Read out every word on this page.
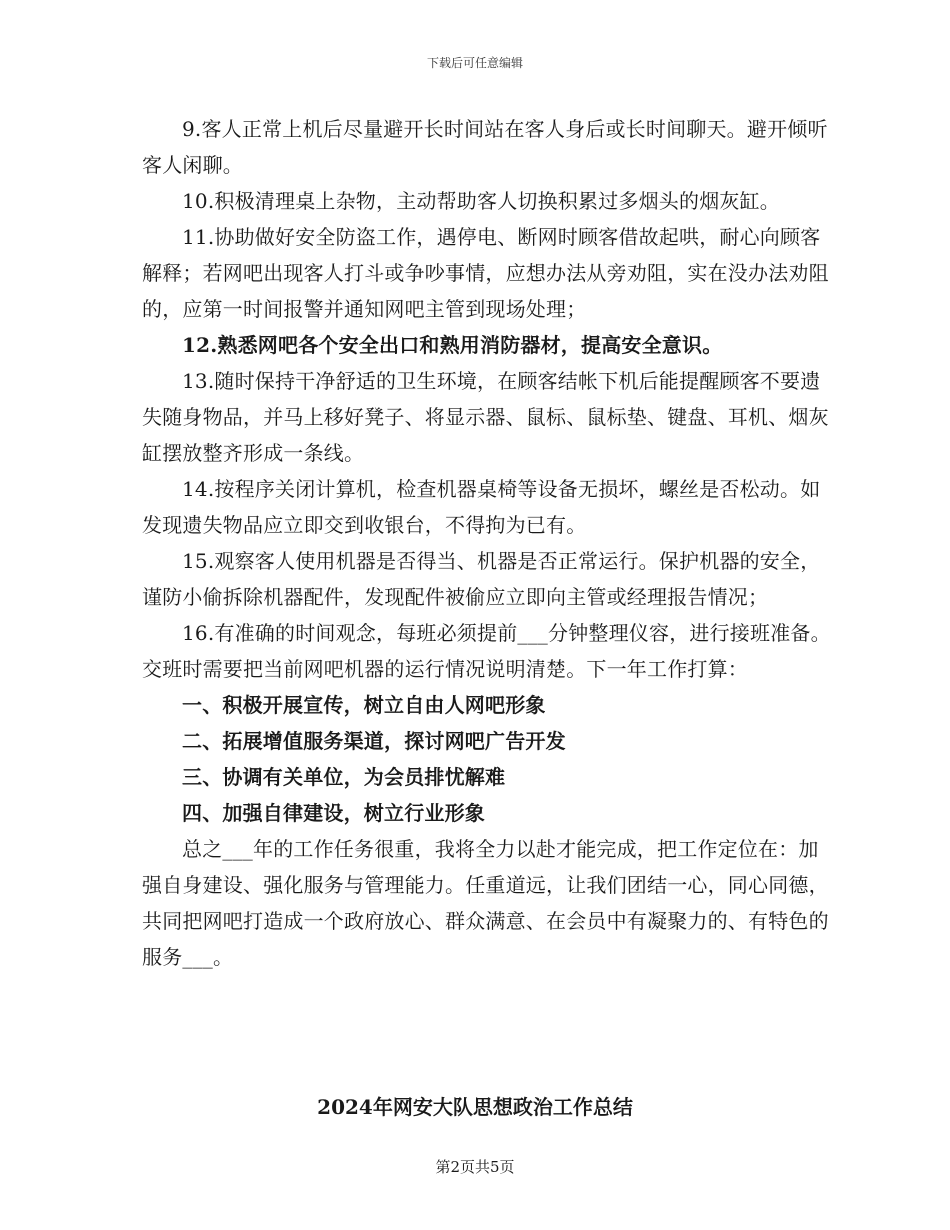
下载后可任意编辑

9.客人正常上机后尽量避开长时间站在客人身后或长时间聊天。避开倾听客人闲聊。

10.积极清理桌上杂物，主动帮助客人切换积累过多烟头的烟灰缸。

11.协助做好安全防盗工作，遇停电、断网时顾客借故起哄，耐心向顾客解释；若网吧出现客人打斗或争吵事情，应想办法从旁劝阻，实在没办法劝阻的，应第一时间报警并通知网吧主管到现场处理；

12.熟悉网吧各个安全出口和熟用消防器材，提高安全意识。

13.随时保持干净舒适的卫生环境，在顾客结帐下机后能提醒顾客不要遗失随身物品，并马上移好凳子、将显示器、鼠标、鼠标垫、键盘、耳机、烟灰缸摆放整齐形成一条线。

14.按程序关闭计算机，检查机器桌椅等设备无损坏，螺丝是否松动。如发现遗失物品应立即交到收银台，不得拘为已有。

15.观察客人使用机器是否得当、机器是否正常运行。保护机器的安全，谨防小偷拆除机器配件，发现配件被偷应立即向主管或经理报告情况；

16.有准确的时间观念，每班必须提前___分钟整理仪容，进行接班准备。交班时需要把当前网吧机器的运行情况说明清楚。下一年工作打算：

一、积极开展宣传，树立自由人网吧形象

二、拓展增值服务渠道，探讨网吧广告开发

三、协调有关单位，为会员排忧解难

四、加强自律建设，树立行业形象

总之___年的工作任务很重，我将全力以赴才能完成，把工作定位在：加强自身建设、强化服务与管理能力。任重道远，让我们团结一心，同心同德，共同把网吧打造成一个政府放心、群众满意、在会员中有凝聚力的、有特色的服务___。

2024年网安大队思想政治工作总结
第2页共5页
